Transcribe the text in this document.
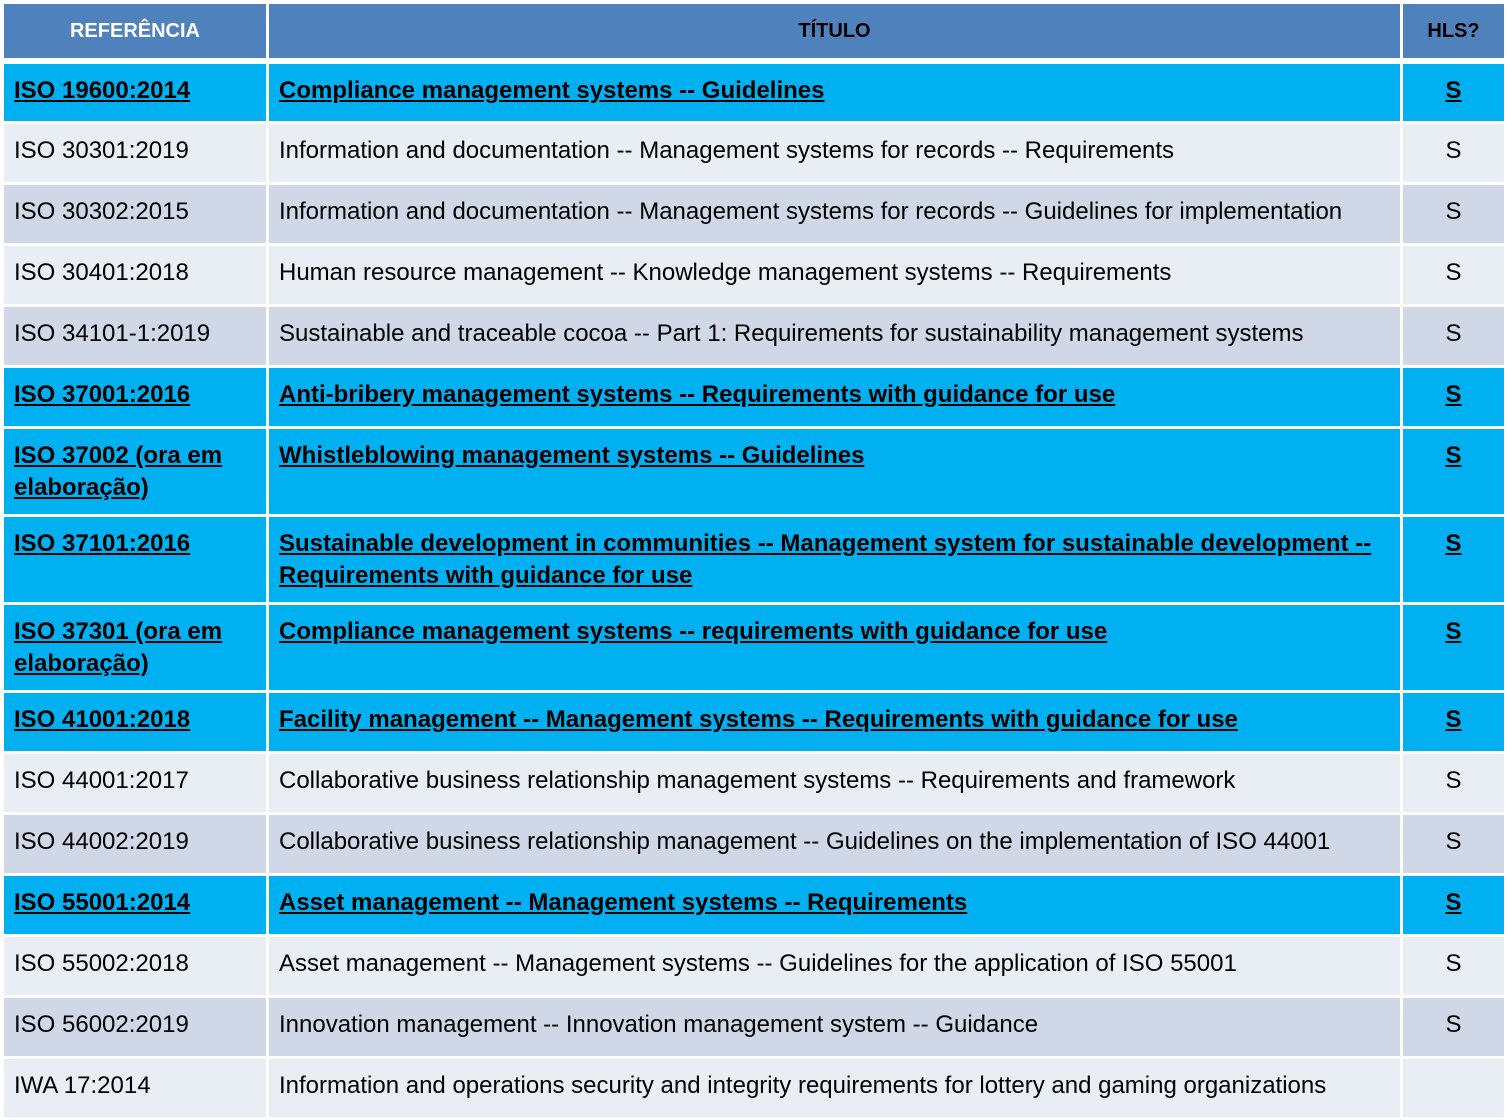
REFERÊNCIA	TÍTULO	HLS?
ISO 19600:2014	Compliance management systems -- Guidelines	S
ISO 30301:2019	Information and documentation -- Management systems for records -- Requirements	S
ISO 30302:2015	Information and documentation -- Management systems for records -- Guidelines for implementation	S
ISO 30401:2018	Human resource management -- Knowledge management systems -- Requirements	S
ISO 34101-1:2019	Sustainable and traceable cocoa -- Part 1: Requirements for sustainability management systems	S
ISO 37001:2016	Anti-bribery management systems -- Requirements with guidance for use	S
ISO 37002 (ora em elaboração)	Whistleblowing management systems -- Guidelines	S
ISO 37101:2016	Sustainable development in communities -- Management system for sustainable development -- Requirements with guidance for use	S
ISO 37301 (ora em elaboração)	Compliance management systems -- requirements with guidance for use	S
ISO 41001:2018	Facility management -- Management systems -- Requirements with guidance for use	S
ISO 44001:2017	Collaborative business relationship management systems -- Requirements and framework	S
ISO 44002:2019	Collaborative business relationship management -- Guidelines on the implementation of ISO 44001	S
ISO 55001:2014	Asset management -- Management systems -- Requirements	S
ISO 55002:2018	Asset management -- Management systems -- Guidelines for the application of ISO 55001	S
ISO 56002:2019	Innovation management -- Innovation management system -- Guidance	S
IWA 17:2014	Information and operations security and integrity requirements for lottery and gaming organizations	
